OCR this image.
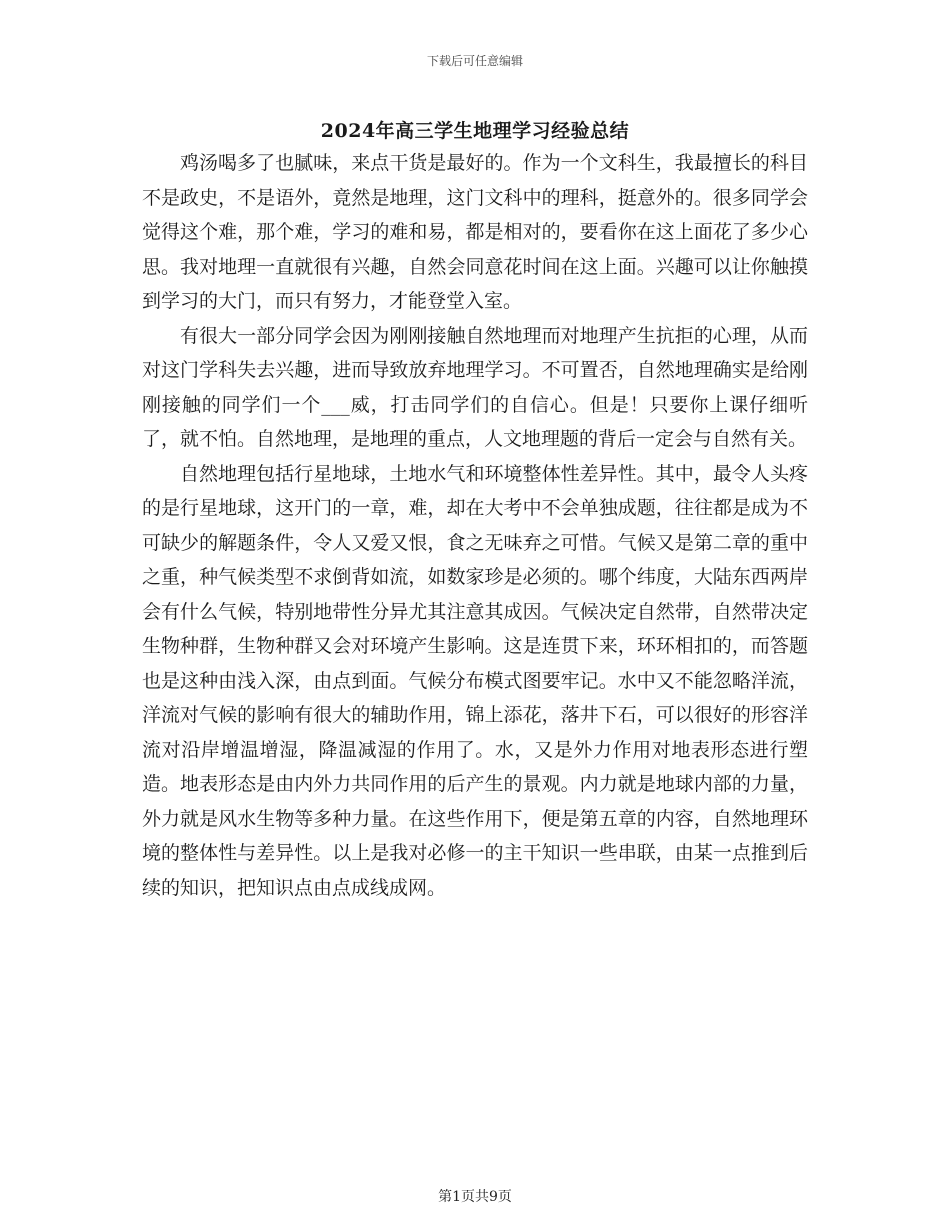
下载后可任意编辑
2024年高三学生地理学习经验总结

鸡汤喝多了也腻味，来点干货是最好的。作为一个文科生，我最擅长的科目不是政史，不是语外，竟然是地理，这门文科中的理科，挺意外的。很多同学会觉得这个难，那个难，学习的难和易，都是相对的，要看你在这上面花了多少心思。我对地理一直就很有兴趣，自然会同意花时间在这上面。兴趣可以让你触摸到学习的大门，而只有努力，才能登堂入室。

有很大一部分同学会因为刚刚接触自然地理而对地理产生抗拒的心理，从而对这门学科失去兴趣，进而导致放弃地理学习。不可置否，自然地理确实是给刚刚接触的同学们一个___威，打击同学们的自信心。但是！只要你上课仔细听了，就不怕。自然地理，是地理的重点，人文地理题的背后一定会与自然有关。

自然地理包括行星地球，土地水气和环境整体性差异性。其中，最令人头疼的是行星地球，这开门的一章，难，却在大考中不会单独成题，往往都是成为不可缺少的解题条件，令人又爱又恨，食之无味弃之可惜。气候又是第二章的重中之重，种气候类型不求倒背如流，如数家珍是必须的。哪个纬度，大陆东西两岸会有什么气候，特别地带性分异尤其注意其成因。气候决定自然带，自然带决定生物种群，生物种群又会对环境产生影响。这是连贯下来，环环相扣的，而答题也是这种由浅入深，由点到面。气候分布模式图要牢记。水中又不能忽略洋流，洋流对气候的影响有很大的辅助作用，锦上添花，落井下石，可以很好的形容洋流对沿岸增温增湿，降温减湿的作用了。水，又是外力作用对地表形态进行塑造。地表形态是由内外力共同作用的后产生的景观。内力就是地球内部的力量，外力就是风水生物等多种力量。在这些作用下，便是第五章的内容，自然地理环境的整体性与差异性。以上是我对必修一的主干知识一些串联，由某一点推到后续的知识，把知识点由点成线成网。

第1页共9页
